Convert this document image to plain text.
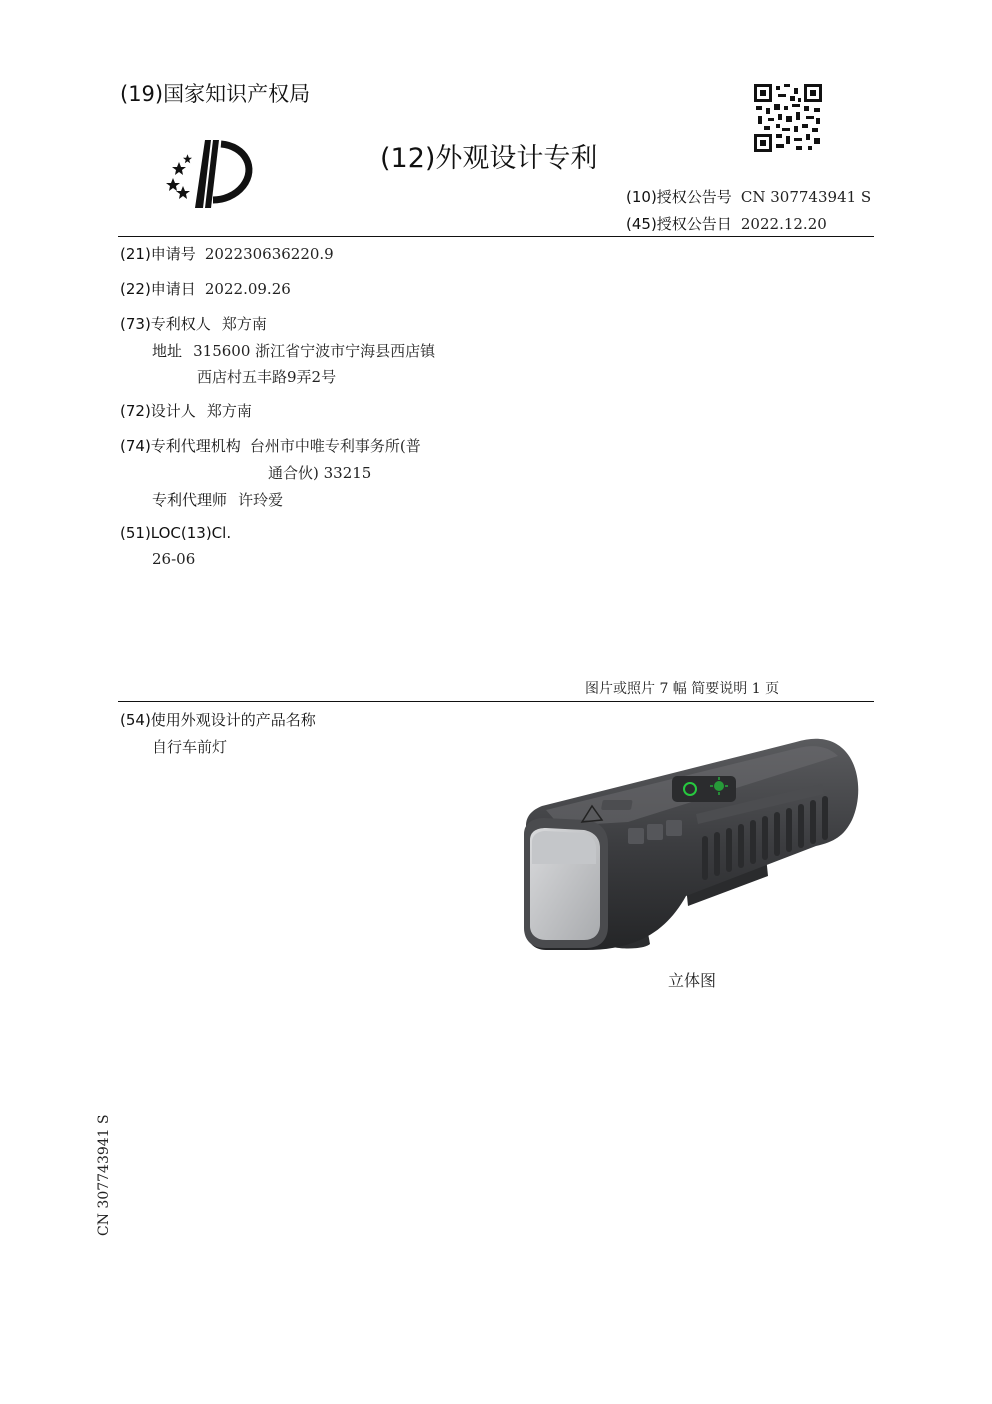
(19)国家知识产权局
(12)外观设计专利
(10)授权公告号 CN 307743941 S
(45)授权公告日 2022.12.20
(21)申请号 202230636220.9
(22)申请日 2022.09.26
(73)专利权人 郑方南
地址 315600 浙江省宁波市宁海县西店镇
西店村五丰路9弄2号
(72)设计人 郑方南
(74)专利代理机构 台州市中唯专利事务所(普
通合伙) 33215
专利代理师 许玲爱
(51)LOC(13)Cl.
26-06
图片或照片 7 幅 简要说明 1 页
(54)使用外观设计的产品名称
自行车前灯
立体图
CN 307743941 S
